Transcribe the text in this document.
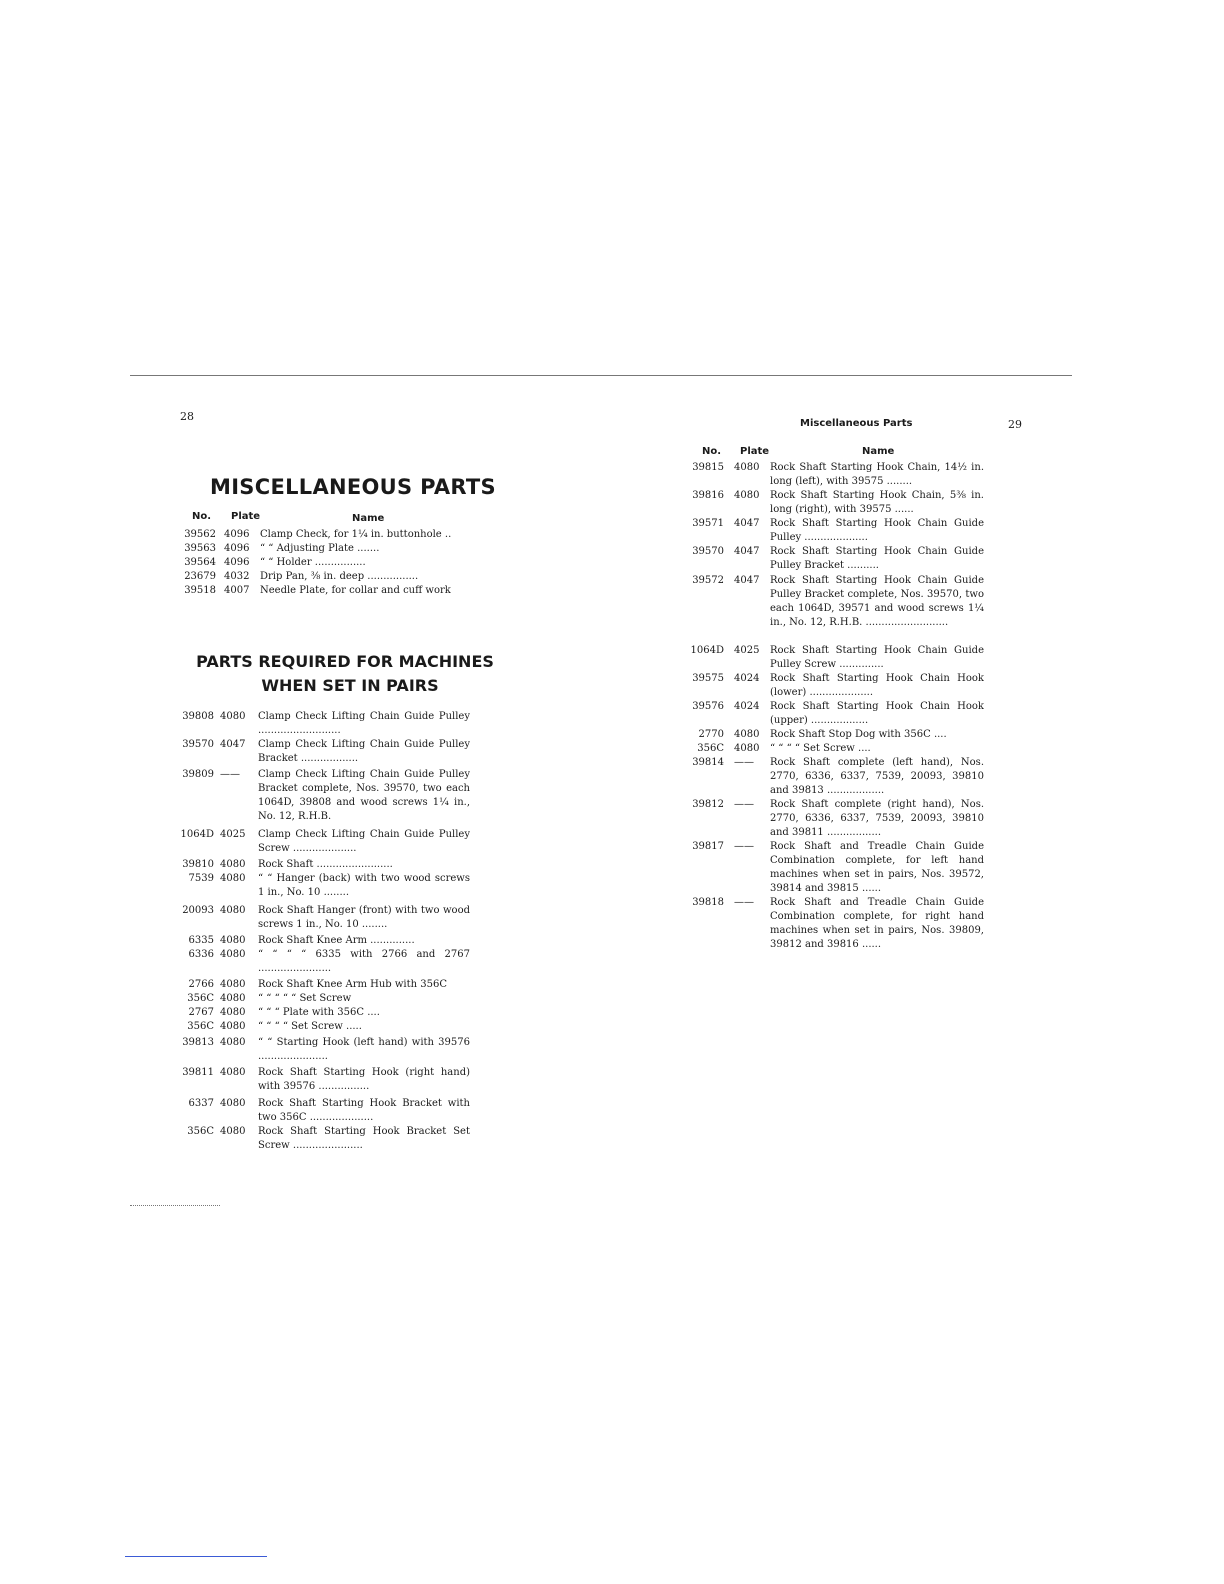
28
MISCELLANEOUS PARTS
No. Plate	Name
39562 4096	Clamp Check, for 1¼ in. buttonhole ..
39563 4096	“ “ Adjusting Plate .......
39564 4096	“ “ Holder ................
23679 4032	Drip Pan, ⅜ in. deep ................
39518 4007	Needle Plate, for collar and cuff work
PARTS REQUIRED FOR MACHINES
WHEN SET IN PAIRS
39808 4080	Clamp Check Lifting Chain Guide Pulley ..........................
39570 4047	Clamp Check Lifting Chain Guide Pulley Bracket ..................
39809 ——	Clamp Check Lifting Chain Guide Pulley Bracket complete, Nos. 39570, two each 1064D, 39808 and wood screws 1¼ in., No. 12, R.H.B.
1064D 4025	Clamp Check Lifting Chain Guide Pulley Screw ....................
39810 4080	Rock Shaft ........................
7539 4080	“ “ Hanger (back) with two wood screws 1 in., No. 10 ........
20093 4080	Rock Shaft Hanger (front) with two wood screws 1 in., No. 10 ........
6335 4080	Rock Shaft Knee Arm ..............
6336 4080	“ “ “ “ 6335 with 2766 and 2767 .......................
2766 4080	Rock Shaft Knee Arm Hub with 356C
356C 4080	“ “ “ “ “ Set Screw
2767 4080	“ “ “ Plate with 356C ....
356C 4080	“ “ “ “ Set Screw .....
39813 4080	“ “ Starting Hook (left hand) with 39576 ......................
39811 4080	Rock Shaft Starting Hook (right hand) with 39576 ................
6337 4080	Rock Shaft Starting Hook Bracket with two 356C ....................
356C 4080	Rock Shaft Starting Hook Bracket Set Screw ......................
Miscellaneous Parts	29
No. Plate	Name
39815 4080	Rock Shaft Starting Hook Chain, 14½ in. long (left), with 39575 ........
39816 4080	Rock Shaft Starting Hook Chain, 5⅜ in. long (right), with 39575 ......
39571 4047	Rock Shaft Starting Hook Chain Guide Pulley ....................
39570 4047	Rock Shaft Starting Hook Chain Guide Pulley Bracket ..........
39572 4047	Rock Shaft Starting Hook Chain Guide Pulley Bracket complete, Nos. 39570, two each 1064D, 39571 and wood screws 1¼ in., No. 12, R.H.B. ..........................
1064D 4025	Rock Shaft Starting Hook Chain Guide Pulley Screw ..............
39575 4024	Rock Shaft Starting Hook Chain Hook (lower) ....................
39576 4024	Rock Shaft Starting Hook Chain Hook (upper) ..................
2770 4080	Rock Shaft Stop Dog with 356C ....
356C 4080	“ “ “ “ Set Screw ....
39814 ——	Rock Shaft complete (left hand), Nos. 2770, 6336, 6337, 7539, 20093, 39810 and 39813 ..................
39812 ——	Rock Shaft complete (right hand), Nos. 2770, 6336, 6337, 7539, 20093, 39810 and 39811 .................
39817 ——	Rock Shaft and Treadle Chain Guide Combination complete, for left hand machines when set in pairs, Nos. 39572, 39814 and 39815 ......
39818 ——	Rock Shaft and Treadle Chain Guide Combination complete, for right hand machines when set in pairs, Nos. 39809, 39812 and 39816 ......
